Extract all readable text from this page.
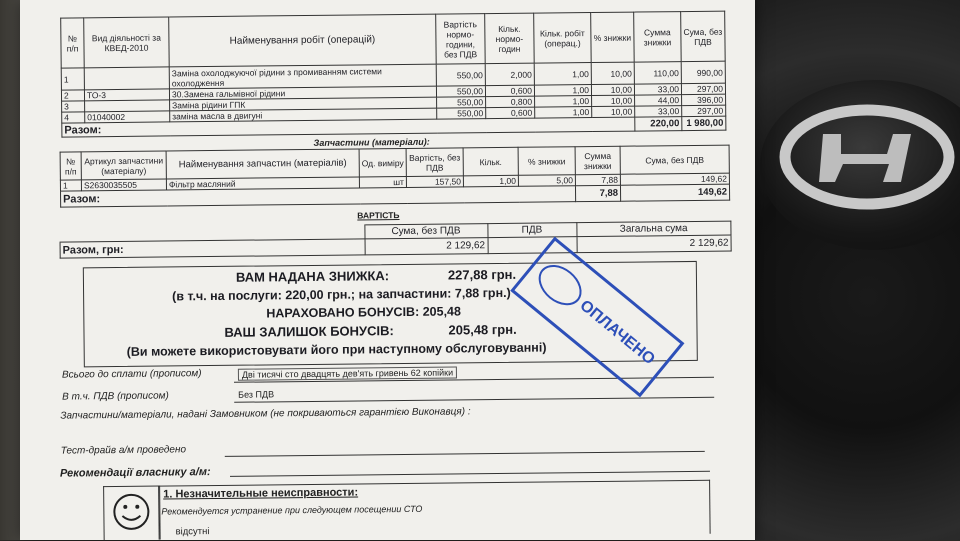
№ п/п	Вид діяльності за КВЕД-2010	Найменування робіт (операцій)	Вартість нормо-години, без ПДВ	Кільк. нормо-годин	Кільк. робіт (операц.)	% знижки	Сумма знижки	Сума, без ПДВ
1		Заміна охолоджуючої рідини з промиванням системи охолодження	550,00	2,000	1,00	10,00	110,00	990,00
2	ТО-3	30.Замена гальмівної рідини	550,00	0,600	1,00	10,00	33,00	297,00
3		Заміна рідини ГПК	550,00	0,800	1,00	10,00	44,00	396,00
4	01040002	заміна масла в двигуні	550,00	0,600	1,00	10,00	33,00	297,00
Разом:							220,00	1 980,00
Запчастини (матеріали):
№ п/п	Артикул запчастини (матеріалу)	Найменування запчастин (матеріалів)	Од. виміру	Вартість, без ПДВ	Кільк.	% знижки	Сумма знижки	Сума, без ПДВ
1	S2630035505	Фільтр масляний	шт	157,50	1,00	5,00	7,88	149,62
Разом:							7,88	149,62
ВАРТІСТЬ
	Сума, без ПДВ	ПДВ	Загальна сума
Разом, грн:	2 129,62		2 129,62
ВАМ НАДАНА ЗНИЖКА:	227,88 грн.
(в т.ч. на послуги: 220,00 грн.; на запчастини: 7,88 грн.)
НАРАХОВАНО БОНУСІВ: 205,48
ВАШ ЗАЛИШОК БОНУСІВ:	205,48 грн.
(Ви можете використовувати його при наступному обслуговуванні)
Всього до сплати (прописом)	Дві тисячі сто двадцять дев'ять гривень 62 копійки
В т.ч. ПДВ (прописом)	Без ПДВ
Запчастини/матеріали, надані Замовником (не покриваються гарантією Виконавця) :
Тест-драйв а/м проведено
Рекомендації власнику а/м:
1. Незначительные неисправности:
Рекомендуется устранение при следующем посещении СТО
відсутні
ОПЛАЧЕНО
